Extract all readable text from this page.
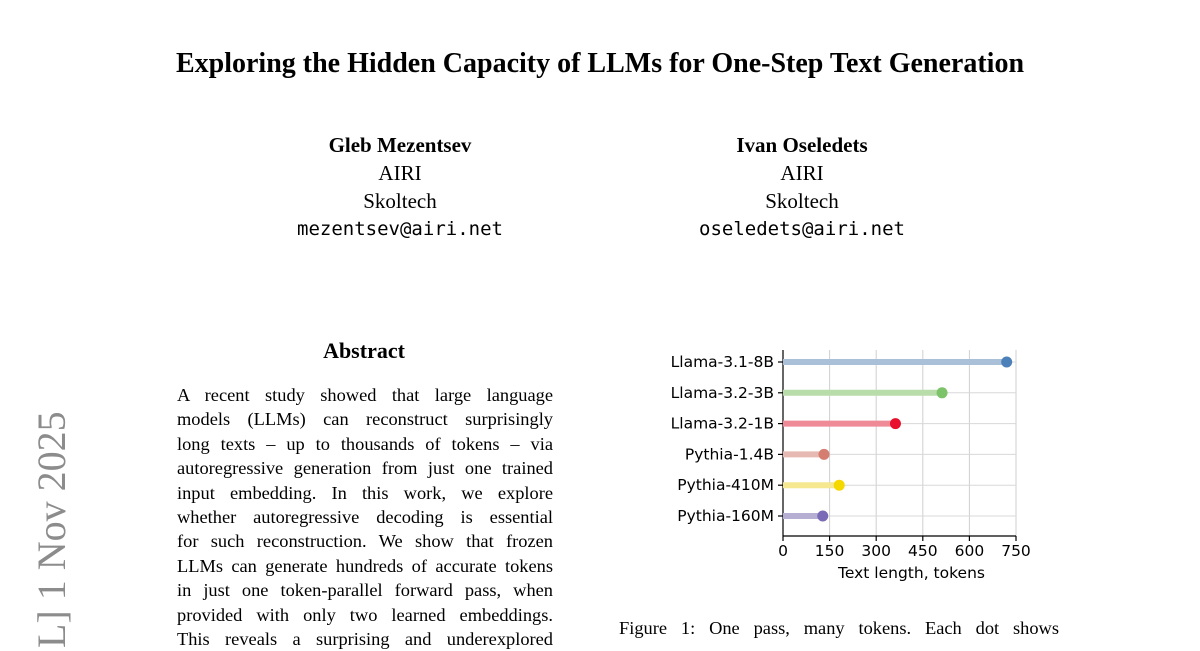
Exploring the Hidden Capacity of LLMs for One-Step Text Generation
Gleb Mezentsev
AIRI
Skoltech
mezentsev@airi.net
Ivan Oseledets
AIRI
Skoltech
oseledets@airi.net
L] 1 Nov 2025
Abstract
A recent study showed that large language
models (LLMs) can reconstruct surprisingly
long texts – up to thousands of tokens – via
autoregressive generation from just one trained
input embedding. In this work, we explore
whether autoregressive decoding is essential
for such reconstruction. We show that frozen
LLMs can generate hundreds of accurate tokens
in just one token-parallel forward pass, when
provided with only two learned embeddings.
This reveals a surprising and underexplored
Llama-3.1-8B
Llama-3.2-3B
Llama-3.2-1B
Pythia-1.4B
Pythia-410M
Pythia-160M
0 150 300 450 600 750
Text length, tokens
Figure 1: One pass, many tokens. Each dot shows
